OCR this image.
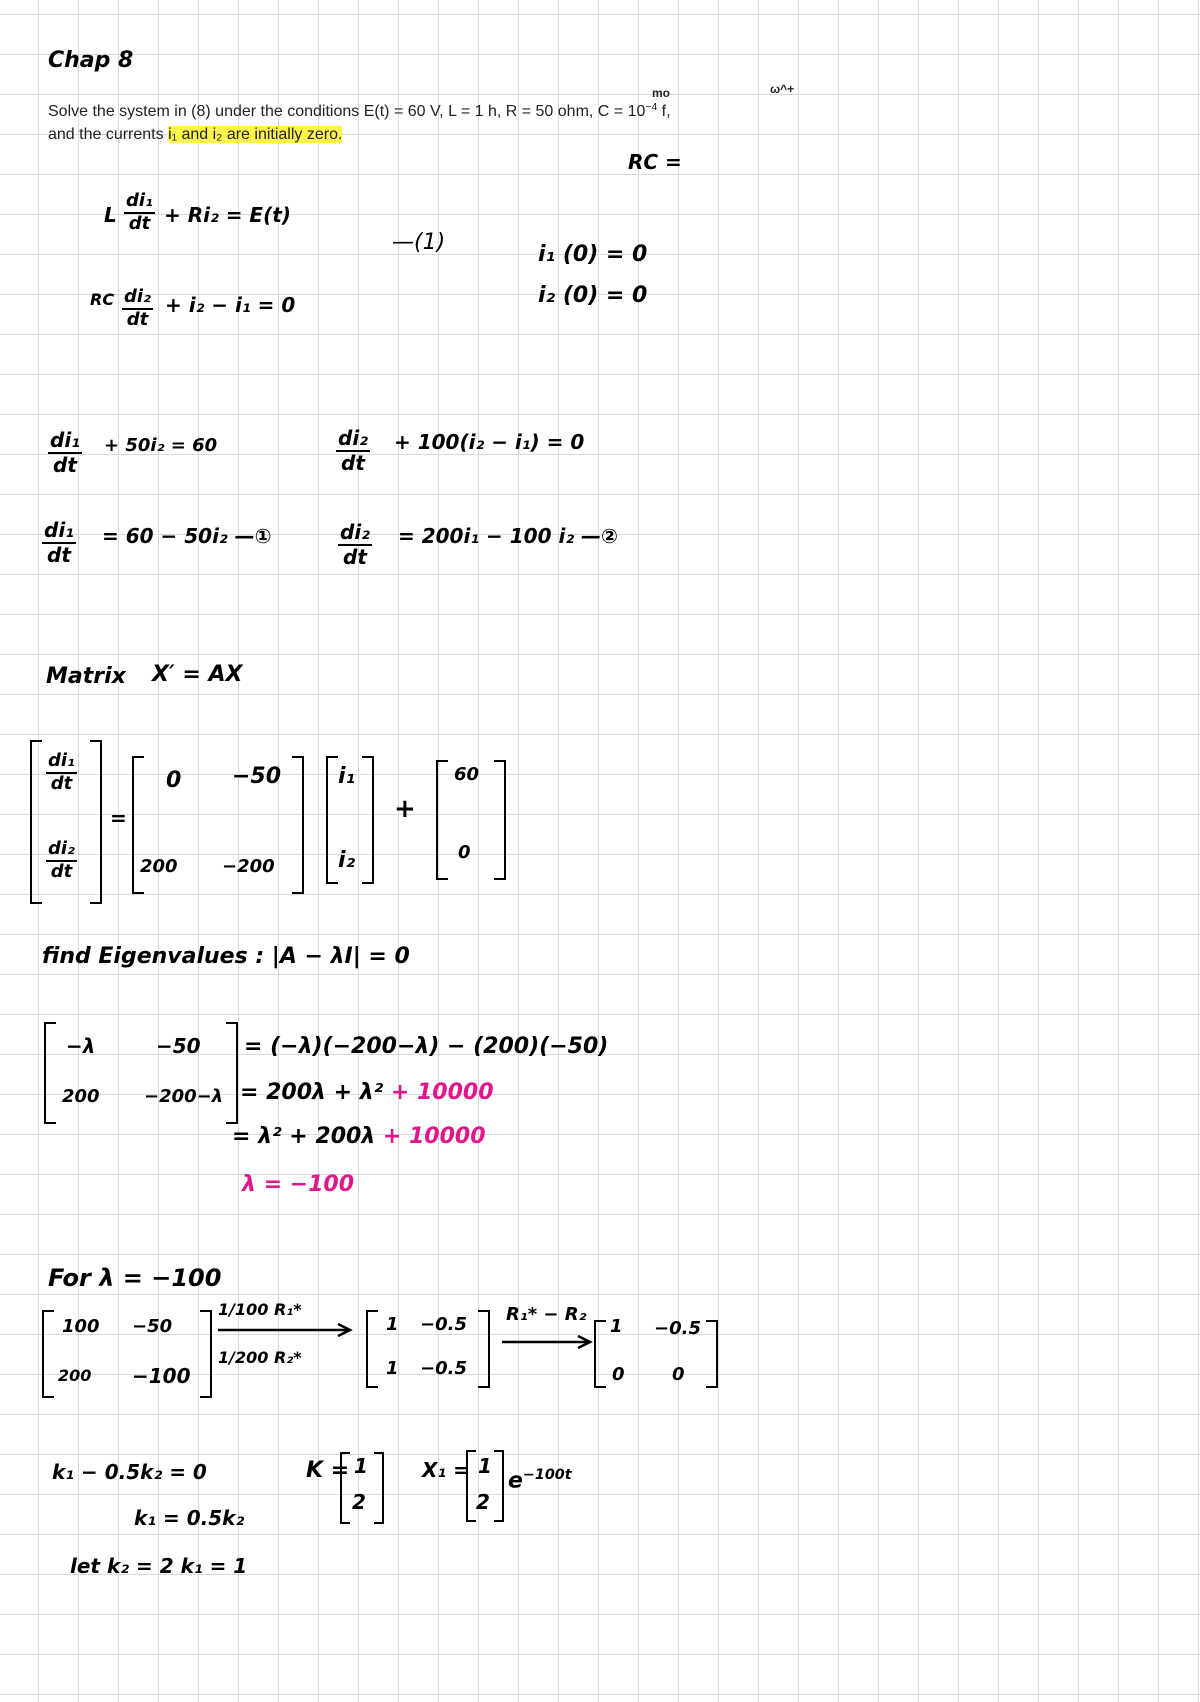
Chap 8
mo	ω^+
Solve the system in (8) under the conditions E(t) = 60 V, L = 1 h, R = 50 ohm, $C = 10^{-4}$ f,
and the currents i₁ and i₂ are initially zero.
RC =
L $\frac{\text{di₁}}{dt} + Ri_2 = E(t)$
—(1)	i₁ (0) = 0
i₂ (0) = 0
RC $\frac{\text{di₂}}{dt} + i_2 - i_1 = 0$
$\frac{\text{di₁}}{dt} + 50i_2 = 60$	$\frac{\text{di₂}}{dt} + 100(i_2 - i_1) = 0$
$\frac{\text{di₁}}{dt} = 60 - 50i_2$ —①	$\frac{\text{di₂}}{dt} = 200i_1 - 100$ i₂ —②
Matrix X′ = AX
$\frac{\text{di₁}}{dt}$
$\frac{\text{di₂}}{dt}$
=
0 −50
200 −200
i₁
i₂
+
60
0
find Eigenvalues : |A − λI| = 0
−λ	−50
200 −200−λ
= (−λ)(−200−λ) − (200)(−50)
= 200λ + λ² + 10000
= λ² + 200λ + 10000
λ = −100
For λ = −100
100 −50
200 −100
1/100 R₁*
1/200 R₂*
1 −0.5
1 −0.5
R₁* − R₂
1 −0.5
0	0
k₁ − 0.5k₂ = 0
k₁ = 0.5k₂
let k₂ = 2 k₁ = 1
K = 1
2
X₁ = 1
2
$e^{-100t}$
